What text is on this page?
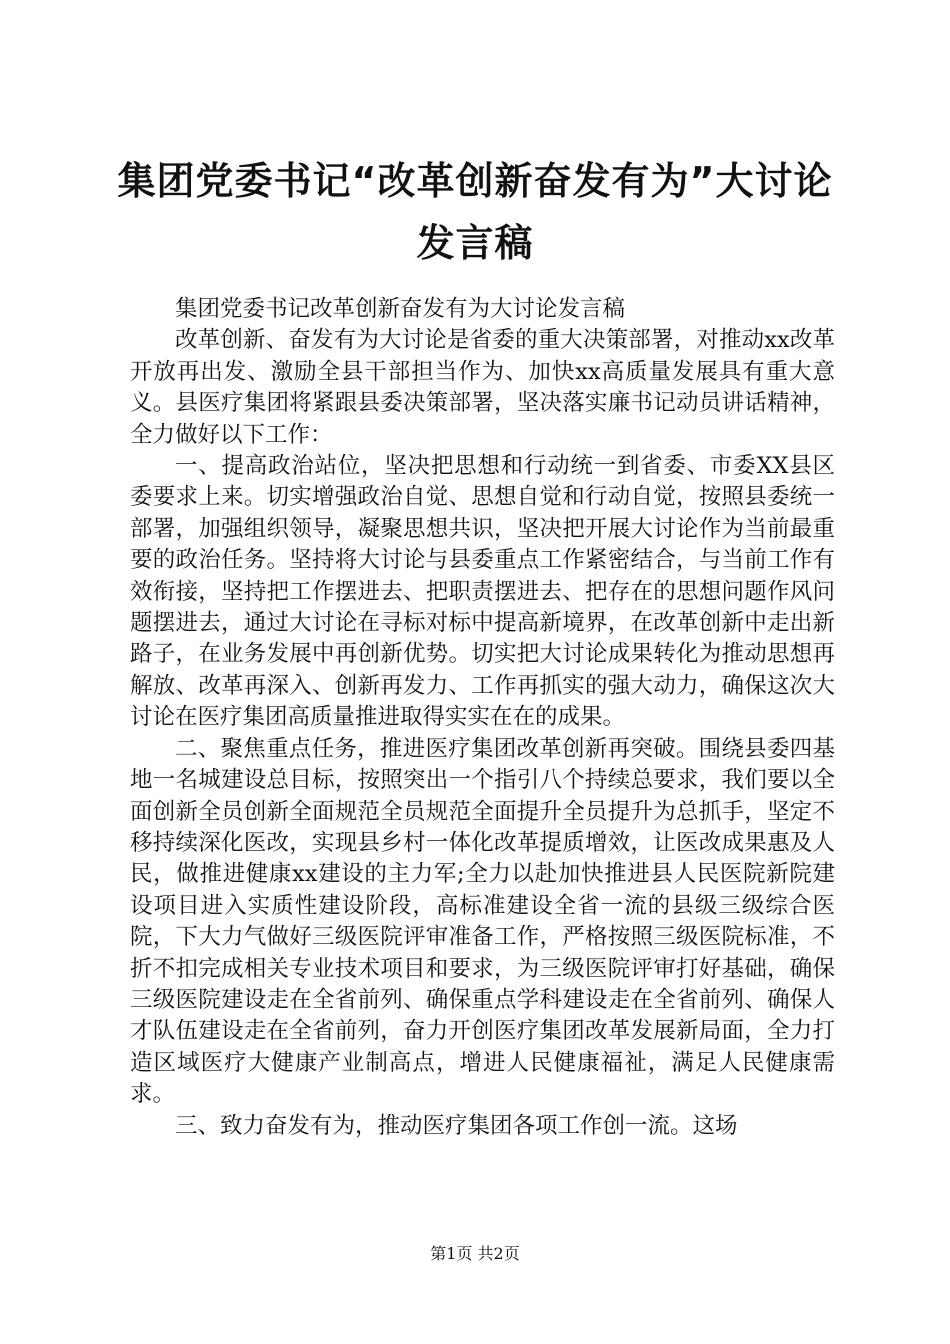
集团党委书记“改革创新奋发有为”大讨论发言稿

集团党委书记改革创新奋发有为大讨论发言稿

改革创新、奋发有为大讨论是省委的重大决策部署，对推动xx改革开放再出发、激励全县干部担当作为、加快xx高质量发展具有重大意义。县医疗集团将紧跟县委决策部署，坚决落实廉书记动员讲话精神，全力做好以下工作：

一、提高政治站位，坚决把思想和行动统一到省委、市委XX县区委要求上来。切实增强政治自觉、思想自觉和行动自觉，按照县委统一部署，加强组织领导，凝聚思想共识，坚决把开展大讨论作为当前最重要的政治任务。坚持将大讨论与县委重点工作紧密结合，与当前工作有效衔接，坚持把工作摆进去、把职责摆进去、把存在的思想问题作风问题摆进去，通过大讨论在寻标对标中提高新境界，在改革创新中走出新路子，在业务发展中再创新优势。切实把大讨论成果转化为推动思想再解放、改革再深入、创新再发力、工作再抓实的强大动力，确保这次大讨论在医疗集团高质量推进取得实实在在的成果。

二、聚焦重点任务，推进医疗集团改革创新再突破。围绕县委四基地一名城建设总目标，按照突出一个指引八个持续总要求，我们要以全面创新全员创新全面规范全员规范全面提升全员提升为总抓手，坚定不移持续深化医改，实现县乡村一体化改革提质增效，让医改成果惠及人民，做推进健康xx建设的主力军;全力以赴加快推进县人民医院新院建设项目进入实质性建设阶段，高标准建设全省一流的县级三级综合医院，下大力气做好三级医院评审准备工作，严格按照三级医院标准，不折不扣完成相关专业技术项目和要求，为三级医院评审打好基础，确保三级医院建设走在全省前列、确保重点学科建设走在全省前列、确保人才队伍建设走在全省前列，奋力开创医疗集团改革发展新局面，全力打造区域医疗大健康产业制高点，增进人民健康福祉，满足人民健康需求。

三、致力奋发有为，推动医疗集团各项工作创一流。这场

第1页 共2页
